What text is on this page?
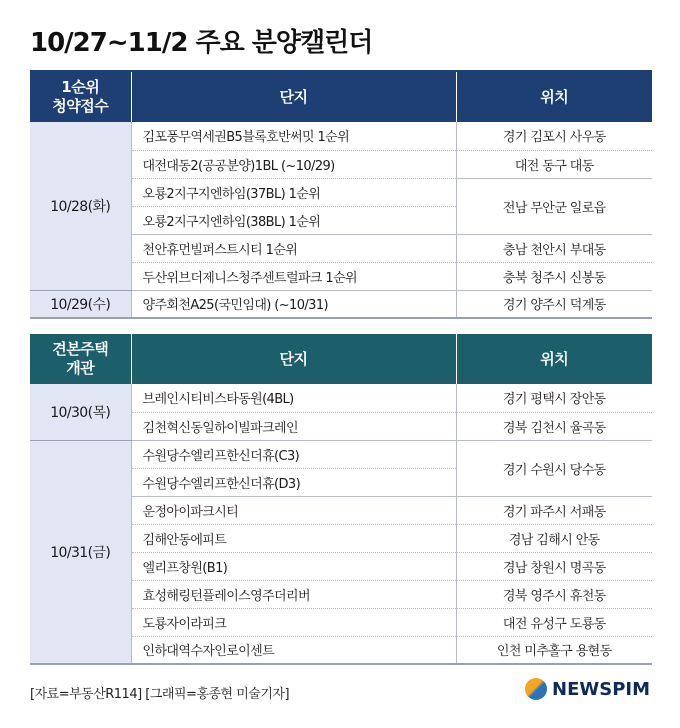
10/27~11/2 주요 분양캘린더
1순위
청약접수	단지	위치
10/28(화)	김포풍무역세권B5블록호반써밋 1순위	경기 김포시 사우동
	대전대동2(공공분양)1BL (~10/29)	대전 동구 대동
	오룡2지구지엔하임(37BL) 1순위	전남 무안군 일로읍
	오룡2지구지엔하임(38BL) 1순위	
	천안휴먼빌퍼스트시티 1순위	충남 천안시 부대동
	두산위브더제니스청주센트럴파크 1순위	충북 청주시 신봉동
10/29(수)	양주회천A25(국민임대) (~10/31)	경기 양주시 덕계동
견본주택
개관	단지	위치
10/30(목)	브레인시티비스타동원(4BL)	경기 평택시 장안동
	김천혁신동일하이빌파크레인	경북 김천시 율곡동
10/31(금)	수원당수엘리프한신더휴(C3)	경기 수원시 당수동
	수원당수엘리프한신더휴(D3)	
	운정아이파크시티	경기 파주시 서패동
	김해안동에피트	경남 김해시 안동
	엘리프창원(B1)	경남 창원시 명곡동
	효성해링턴플레이스영주더리버	경북 영주시 휴천동
	도룡자이라피크	대전 유성구 도룡동
	인하대역수자인로이센트	인천 미추홀구 용현동
[자료=부동산R114] [그래픽=홍종현 미술기자]	NEWSPIM
